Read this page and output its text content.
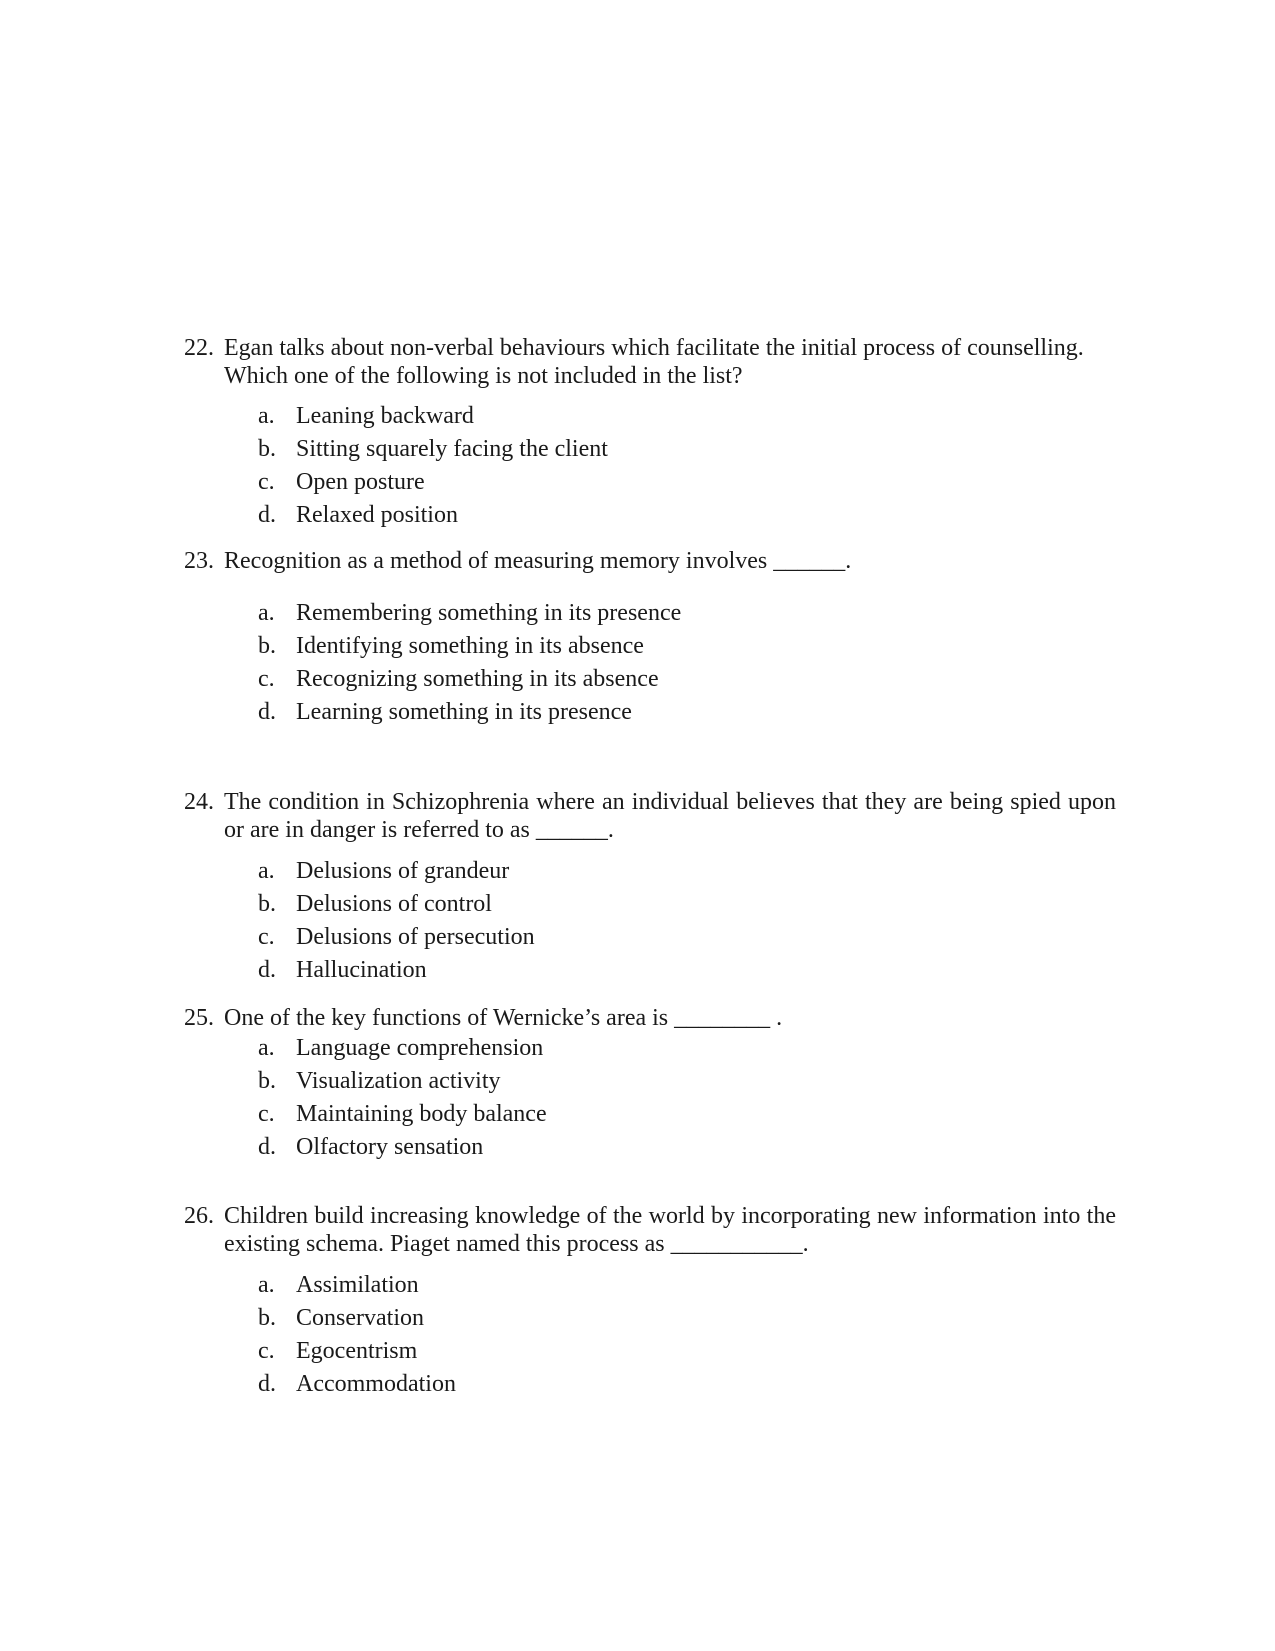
22. Egan talks about non-verbal behaviours which facilitate the initial process of counselling. Which one of the following is not included in the list?
a. Leaning backward
b. Sitting squarely facing the client
c. Open posture
d. Relaxed position
23. Recognition as a method of measuring memory involves ______.
a. Remembering something in its presence
b. Identifying something in its absence
c. Recognizing something in its absence
d. Learning something in its presence
24. The condition in Schizophrenia where an individual believes that they are being spied upon or are in danger is referred to as ______.
a. Delusions of grandeur
b. Delusions of control
c. Delusions of persecution
d. Hallucination
25. One of the key functions of Wernicke’s area is ________ .
a. Language comprehension
b. Visualization activity
c. Maintaining body balance
d. Olfactory sensation
26. Children build increasing knowledge of the world by incorporating new information into the existing schema. Piaget named this process as ___________.
a. Assimilation
b. Conservation
c. Egocentrism
d. Accommodation
